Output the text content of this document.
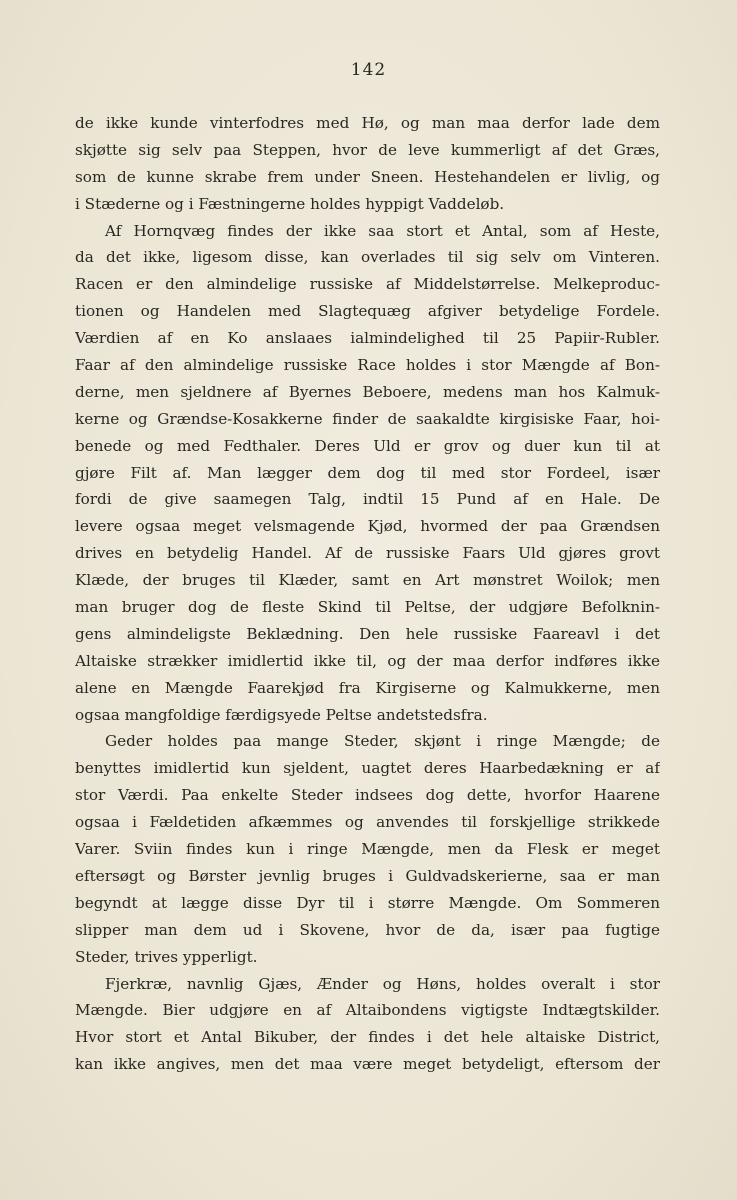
142
de ikke kunde vinterfodres med Hø, og man maa derfor lade dem
skjøtte sig selv paa Steppen, hvor de leve kummerligt af det Græs,
som de kunne skrabe frem under Sneen. Hestehandelen er livlig, og
i Stæderne og i Fæstningerne holdes hyppigt Vaddeløb.
Af Hornqvæg findes der ikke saa stort et Antal, som af Heste,
da det ikke, ligesom disse, kan overlades til sig selv om Vinteren.
Racen er den almindelige russiske af Middelstørrelse. Melkeproduc-
tionen og Handelen med Slagtequæg afgiver betydelige Fordele.
Værdien af en Ko anslaaes ialmindelighed til 25 Papiir-Rubler.
Faar af den almindelige russiske Race holdes i stor Mængde af Bon-
derne, men sjeldnere af Byernes Beboere, medens man hos Kalmuk-
kerne og Grændse-Kosakkerne finder de saakaldte kirgisiske Faar, hoi-
benede og med Fedthaler. Deres Uld er grov og duer kun til at
gjøre Filt af. Man lægger dem dog til med stor Fordeel, især
fordi de give saamegen Talg, indtil 15 Pund af en Hale. De
levere ogsaa meget velsmagende Kjød, hvormed der paa Grændsen
drives en betydelig Handel. Af de russiske Faars Uld gjøres grovt
Klæde, der bruges til Klæder, samt en Art mønstret Woilok; men
man bruger dog de fleste Skind til Peltse, der udgjøre Befolknin-
gens almindeligste Beklædning. Den hele russiske Faareavl i det
Altaiske strækker imidlertid ikke til, og der maa derfor indføres ikke
alene en Mængde Faarekjød fra Kirgiserne og Kalmukkerne, men
ogsaa mangfoldige færdigsyede Peltse andetstedsfra.
Geder holdes paa mange Steder, skjønt i ringe Mængde; de
benyttes imidlertid kun sjeldent, uagtet deres Haarbedækning er af
stor Værdi. Paa enkelte Steder indsees dog dette, hvorfor Haarene
ogsaa i Fældetiden afkæmmes og anvendes til forskjellige strikkede
Varer. Sviin findes kun i ringe Mængde, men da Flesk er meget
eftersøgt og Børster jevnlig bruges i Guldvadskerierne, saa er man
begyndt at lægge disse Dyr til i større Mængde. Om Sommeren
slipper man dem ud i Skovene, hvor de da, især paa fugtige
Steder, trives ypperligt.
Fjerkræ, navnlig Gjæs, Ænder og Høns, holdes overalt i stor
Mængde. Bier udgjøre en af Altaibondens vigtigste Indtægtskilder.
Hvor stort et Antal Bikuber, der findes i det hele altaiske District,
kan ikke angives, men det maa være meget betydeligt, eftersom der
